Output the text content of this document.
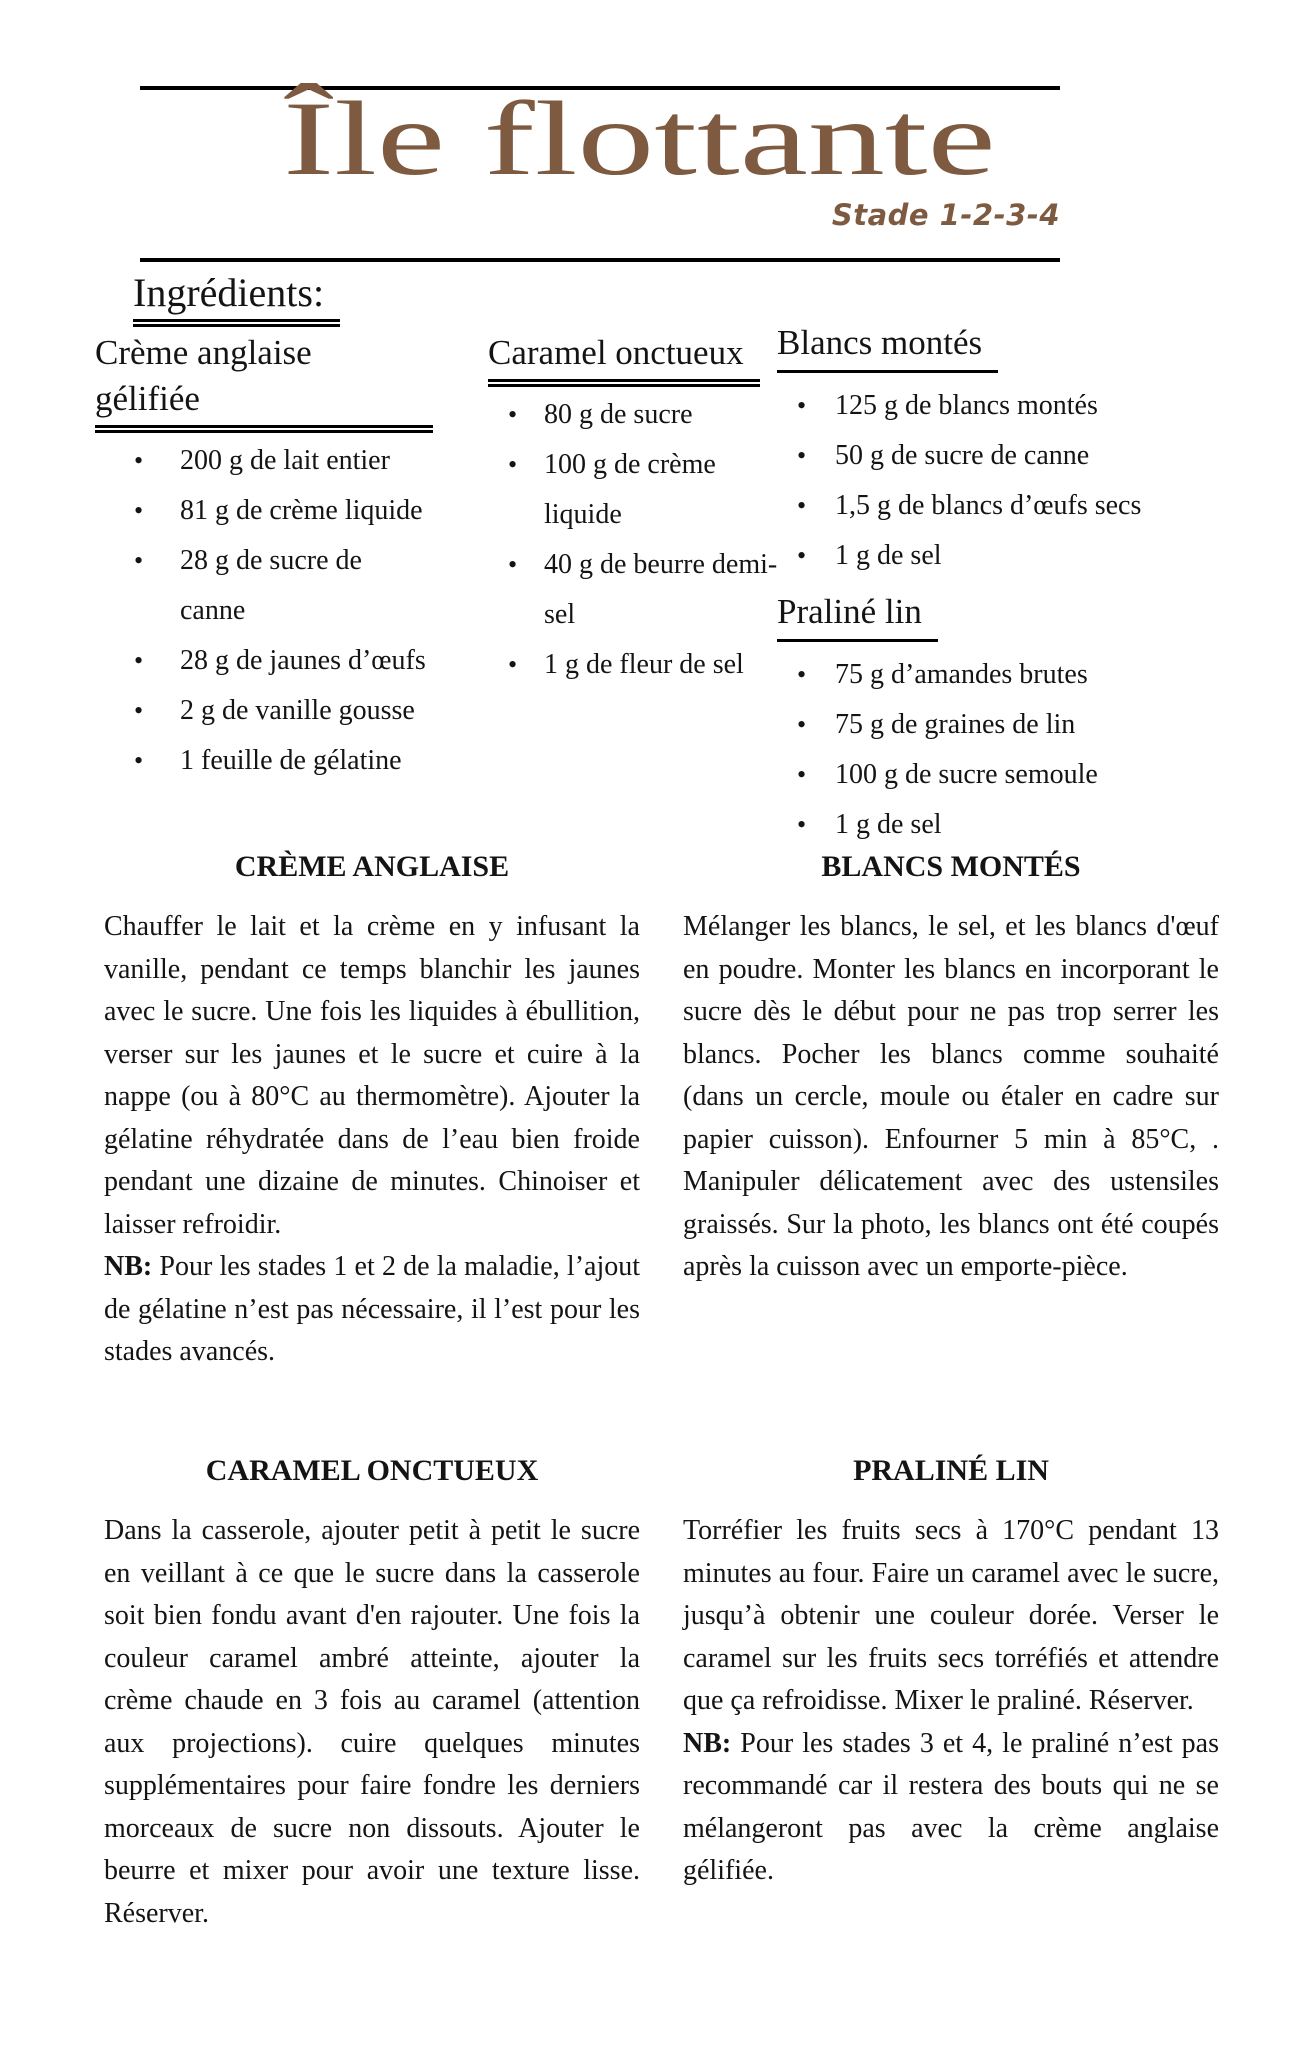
Île flottante
Stade 1-2-3-4
Ingrédients:
Crème anglaise gélifiée
• 200 g de lait entier
• 81 g de crème liquide
• 28 g de sucre de canne
• 28 g de jaunes d’œufs
• 2 g de vanille gousse
• 1 feuille de gélatine
Caramel onctueux
• 80 g de sucre
• 100 g de crème liquide
• 40 g de beurre demi-sel
• 1 g de fleur de sel
Blancs montés
• 125 g de blancs montés
• 50 g de sucre de canne
• 1,5 g de blancs d’œufs secs
• 1 g de sel
Praliné lin
• 75 g d’amandes brutes
• 75 g de graines de lin
• 100 g de sucre semoule
• 1 g de sel
CRÈME ANGLAISE
Chauffer le lait et la crème en y infusant la vanille, pendant ce temps blanchir les jaunes avec le sucre. Une fois les liquides à ébullition, verser sur les jaunes et le sucre et cuire à la nappe (ou à 80°C au thermomètre). Ajouter la gélatine réhydratée dans de l’eau bien froide pendant une dizaine de minutes. Chinoiser et laisser refroidir.
NB: Pour les stades 1 et 2 de la maladie, l’ajout de gélatine n’est pas nécessaire, il l’est pour les stades avancés.
BLANCS MONTÉS
Mélanger les blancs, le sel, et les blancs d'œuf en poudre. Monter les blancs en incorporant le sucre dès le début pour ne pas trop serrer les blancs. Pocher les blancs comme souhaité (dans un cercle, moule ou étaler en cadre sur papier cuisson). Enfourner 5 min à 85°C, . Manipuler délicatement avec des ustensiles graissés. Sur la photo, les blancs ont été coupés après la cuisson avec un emporte-pièce.
CARAMEL ONCTUEUX
Dans la casserole, ajouter petit à petit le sucre en veillant à ce que le sucre dans la casserole soit bien fondu avant d'en rajouter. Une fois la couleur caramel ambré atteinte, ajouter la crème chaude en 3 fois au caramel (attention aux projections). cuire quelques minutes supplémentaires pour faire fondre les derniers morceaux de sucre non dissouts. Ajouter le beurre et mixer pour avoir une texture lisse. Réserver.
PRALINÉ LIN
Torréfier les fruits secs à 170°C pendant 13 minutes au four. Faire un caramel avec le sucre, jusqu’à obtenir une couleur dorée. Verser le caramel sur les fruits secs torréfiés et attendre que ça refroidisse. Mixer le praliné. Réserver.
NB: Pour les stades 3 et 4, le praliné n’est pas recommandé car il restera des bouts qui ne se mélangeront pas avec la crème anglaise gélifiée.
